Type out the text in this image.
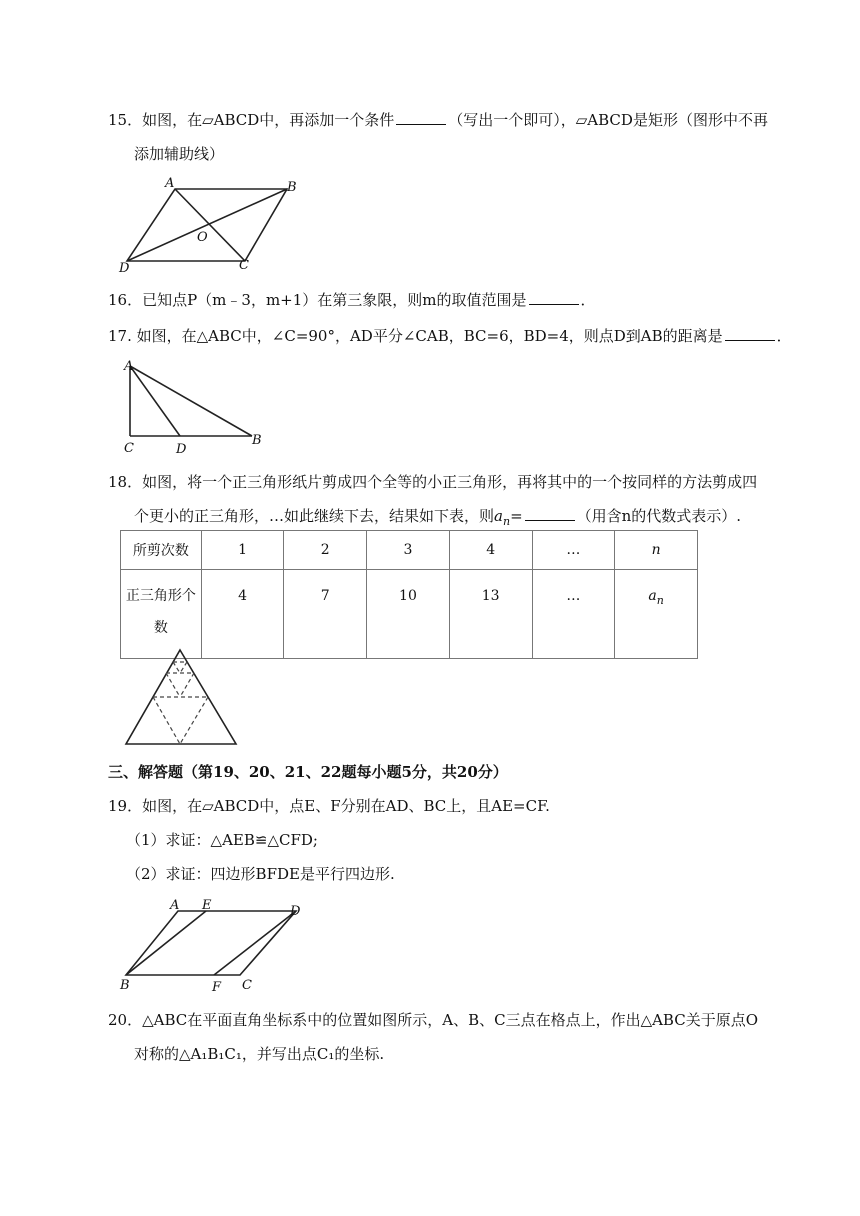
15．如图，在▱ABCD中，再添加一个条件	（写出一个即可），▱ABCD是矩形（图形中不再
添加辅助线）
A	B
O
D	C
16．已知点P（m﹣3，m+1）在第三象限，则m的取值范围是	．
17. 如图，在△ABC中，∠C=90°，AD平分∠CAB，BC=6，BD=4，则点D到AB的距离是	．
A
C	D
B
18．如图，将一个正三角形纸片剪成四个全等的小正三角形，再将其中的一个按同样的方法剪成四
个更小的正三角形，…如此继续下去，结果如下表，则$a_n=$	（用含n的代数式表示）.
所剪次数	1	2	3	4	…	n
正三角形个
数	4	7	10	13	…	$a_n$
三、解答题（第19、20、21、22题每小题5分，共20分）
19．如图，在▱ABCD中，点E、F分别在AD、BC上，且AE=CF.
（1）求证：△AEB≌△CFD;
（2）求证：四边形BFDE是平行四边形.
A E	D
B	F C
20．△ABC在平面直角坐标系中的位置如图所示，A、B、C三点在格点上，作出△ABC关于原点O
对称的△A₁B₁C₁，并写出点C₁的坐标.
